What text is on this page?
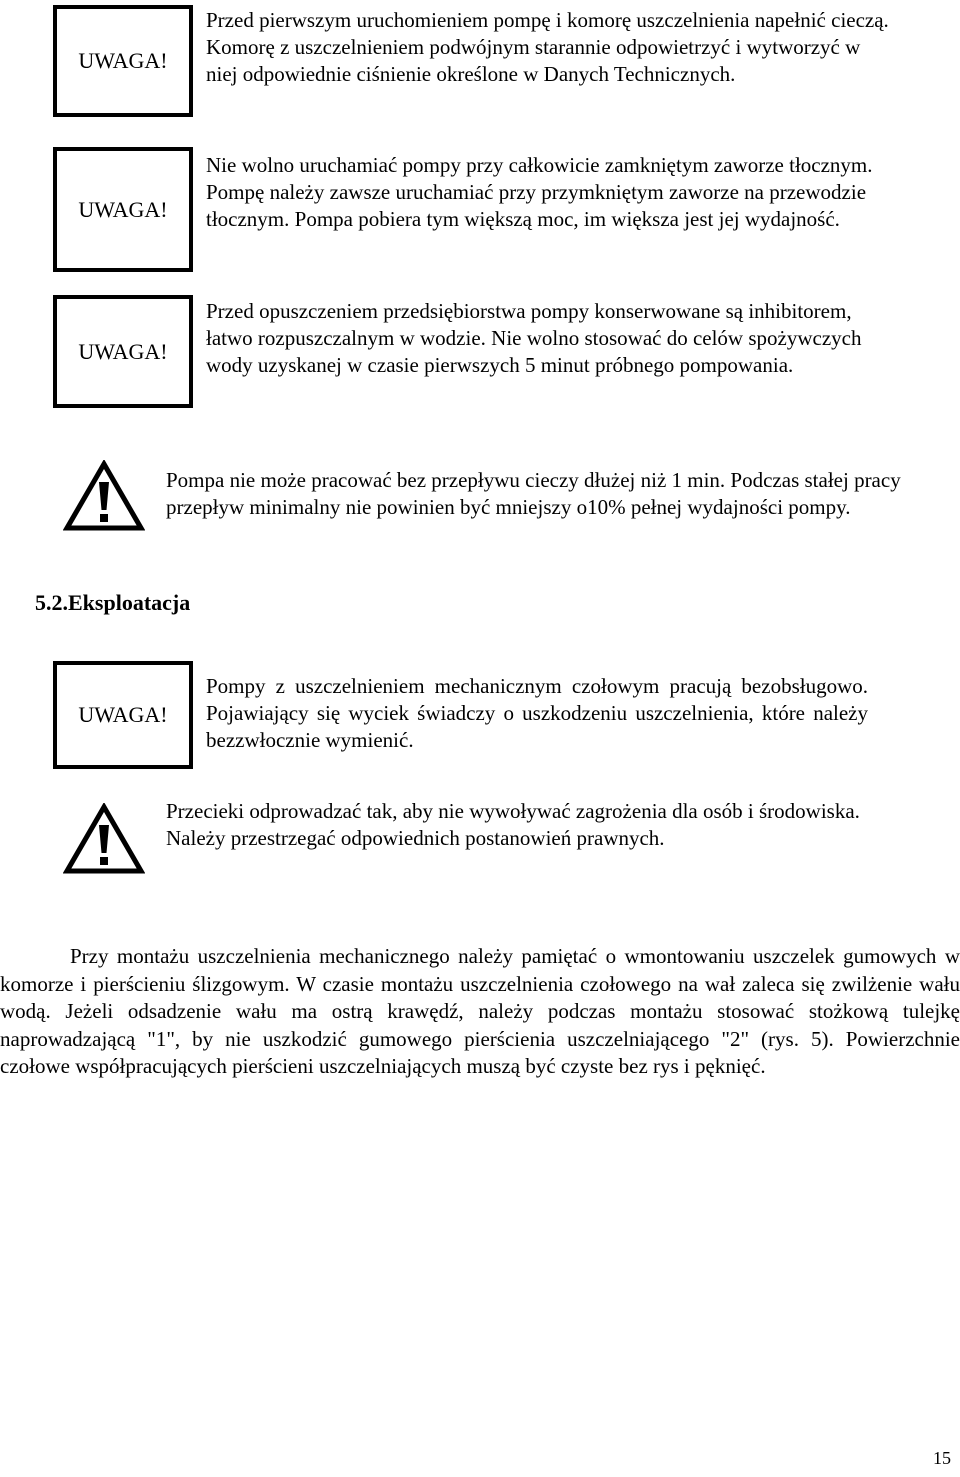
UWAGA!
Przed pierwszym uruchomieniem pompę i komorę uszczelnienia napełnić cieczą. Komorę z uszczelnieniem podwójnym starannie odpowietrzyć i wytworzyć w niej odpowiednie ciśnienie określone w Danych Technicznych.
UWAGA!
Nie wolno uruchamiać pompy przy całkowicie zamkniętym zaworze tłocznym. Pompę należy zawsze uruchamiać przy przymkniętym zaworze na przewodzie tłocznym. Pompa pobiera tym większą moc, im większa jest jej wydajność.
UWAGA!
Przed opuszczeniem przedsiębiorstwa pompy konserwowane są inhibitorem, łatwo rozpuszczalnym w wodzie. Nie wolno stosować do celów spożywczych wody uzyskanej w czasie pierwszych 5 minut próbnego pompowania.
Pompa nie może pracować bez przepływu cieczy dłużej niż 1 min. Podczas stałej pracy przepływ minimalny nie powinien być mniejszy o10% pełnej wydajności pompy.
5.2.Eksploatacja
UWAGA!
Pompy z uszczelnieniem mechanicznym czołowym pracują bezobsługowo. Pojawiający się wyciek świadczy o uszkodzeniu uszczelnienia, które należy bezzwłocznie wymienić.
Przecieki odprowadzać tak, aby nie wywoływać zagrożenia dla osób i środowiska. Należy przestrzegać odpowiednich postanowień prawnych.
Przy montażu uszczelnienia mechanicznego należy pamiętać o wmontowaniu uszczelek gumowych w komorze i pierścieniu ślizgowym. W czasie montażu uszczelnienia czołowego na wał zaleca się zwilżenie wału wodą. Jeżeli odsadzenie wału ma ostrą krawędź, należy podczas montażu stosować stożkową tulejkę naprowadzającą "1", by nie uszkodzić gumowego pierścienia uszczelniającego "2" (rys. 5). Powierzchnie czołowe współpracujących pierścieni uszczelniających muszą być czyste bez rys i pęknięć.
15
